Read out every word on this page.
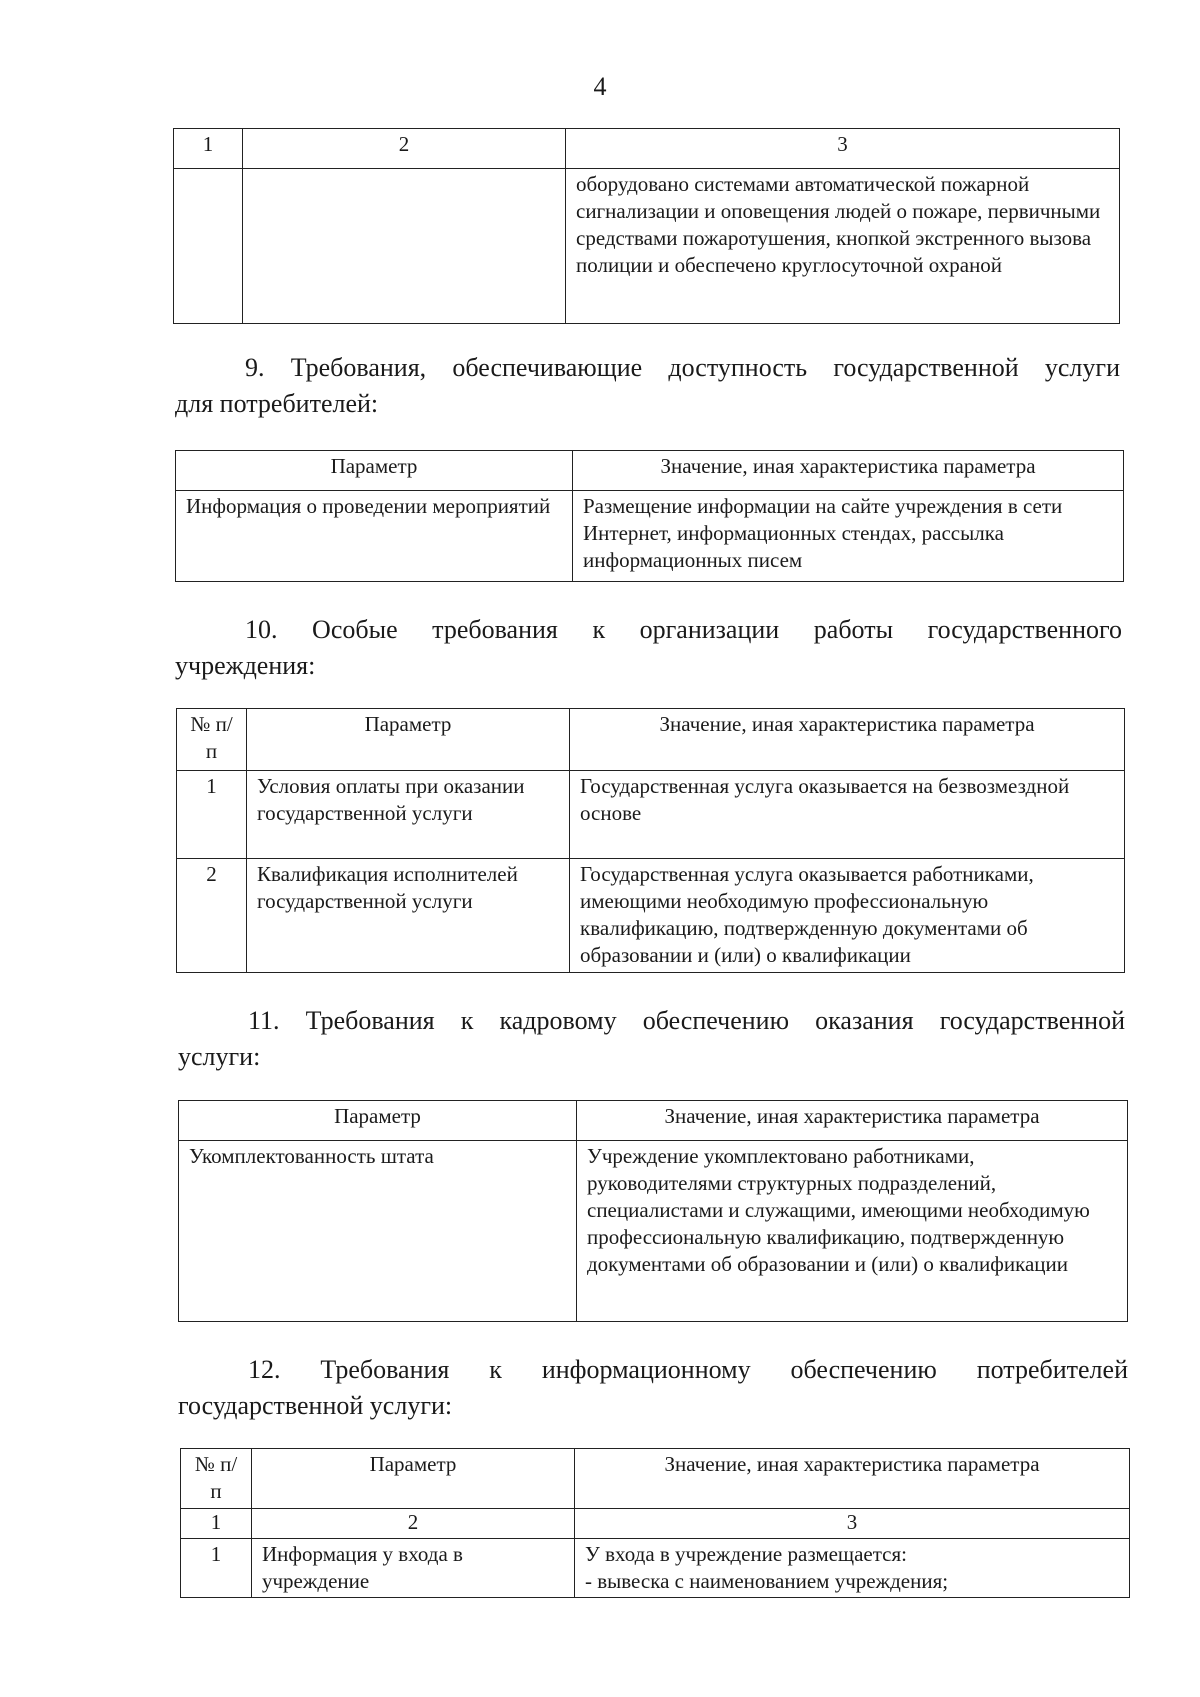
4
1	2	3
		оборудовано системами автоматической пожарной сигнализации и оповещения людей о пожаре, первичными средствами пожаротушения, кнопкой экстренного вызова полиции и обеспечено круглосуточной охраной
9. Требования, обеспечивающие доступность государственной услуги
для потребителей:
Параметр	Значение, иная характеристика параметра
Информация о проведении мероприятий	Размещение информации на сайте учреждения в сети Интернет, информационных стендах, рассылка информационных писем
10. Особые требования к организации работы государственного
учреждения:
№ п/п	Параметр	Значение, иная характеристика параметра
1	Условия оплаты при оказании государственной услуги	Государственная услуга оказывается на безвозмездной основе
2	Квалификация исполнителей государственной услуги	Государственная услуга оказывается работниками, имеющими необходимую профессиональную квалификацию, подтвержденную документами об образовании и (или) о квалификации
11. Требования к кадровому обеспечению оказания государственной
услуги:
Параметр	Значение, иная характеристика параметра
Укомплектованность штата	Учреждение укомплектовано работниками, руководителями структурных подразделений, специалистами и служащими, имеющими необходимую профессиональную квалификацию, подтвержденную документами об образовании и (или) о квалификации
12. Требования к информационному обеспечению потребителей
государственной услуги:
№ п/п	Параметр	Значение, иная характеристика параметра
1	2	3
1	Информация у входа в учреждение	У входа в учреждение размещается:
- вывеска с наименованием учреждения;
